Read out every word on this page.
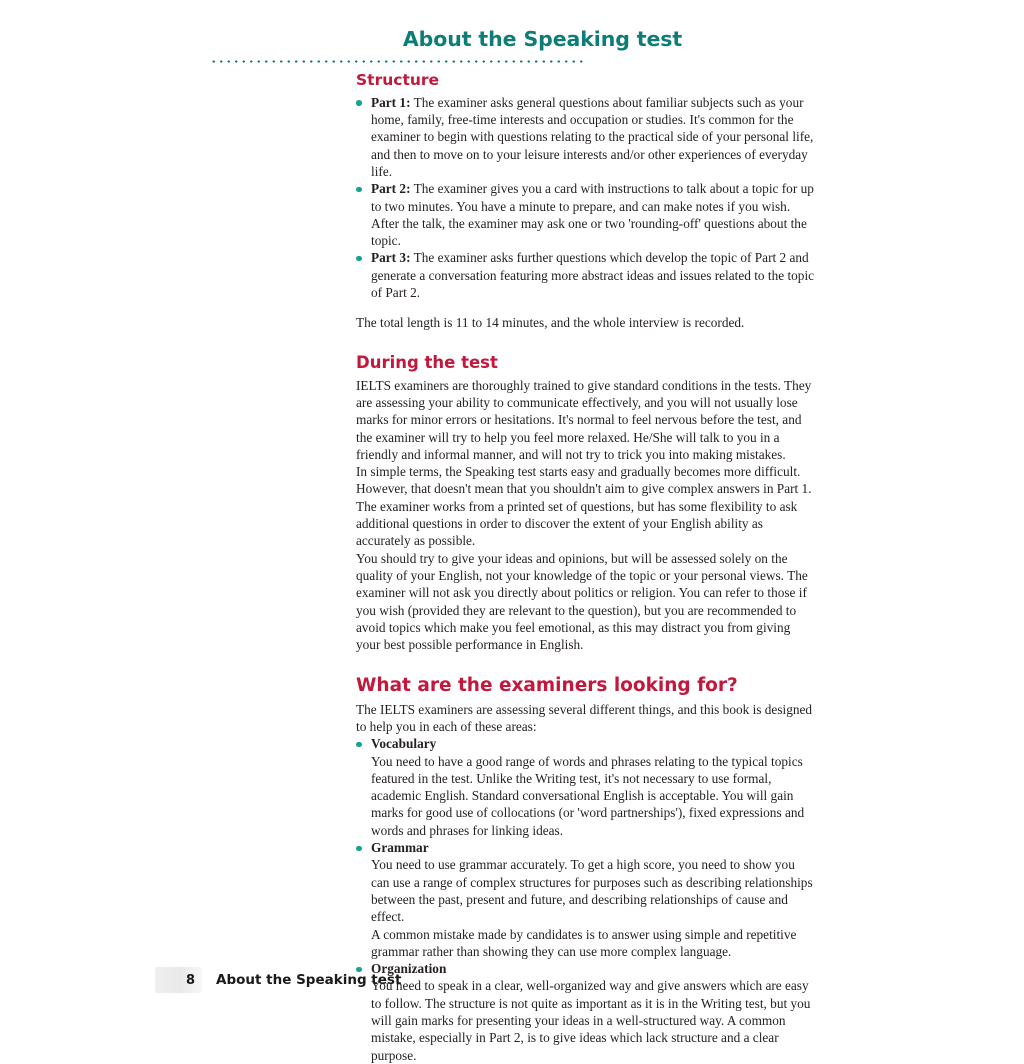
About the Speaking test
Structure
Part 1: The examiner asks general questions about familiar subjects such as your home, family, free-time interests and occupation or studies. It's common for the examiner to begin with questions relating to the practical side of your personal life, and then to move on to your leisure interests and/or other experiences of everyday life.
Part 2: The examiner gives you a card with instructions to talk about a topic for up to two minutes. You have a minute to prepare, and can make notes if you wish. After the talk, the examiner may ask one or two 'rounding-off' questions about the topic.
Part 3: The examiner asks further questions which develop the topic of Part 2 and generate a conversation featuring more abstract ideas and issues related to the topic of Part 2.

The total length is 11 to 14 minutes, and the whole interview is recorded.

During the test

IELTS examiners are thoroughly trained to give standard conditions in the tests. They are assessing your ability to communicate effectively, and you will not usually lose marks for minor errors or hesitations. It's normal to feel nervous before the test, and the examiner will try to help you feel more relaxed. He/She will talk to you in a friendly and informal manner, and will not try to trick you into making mistakes.

In simple terms, the Speaking test starts easy and gradually becomes more difficult. However, that doesn't mean that you shouldn't aim to give complex answers in Part 1. The examiner works from a printed set of questions, but has some flexibility to ask additional questions in order to discover the extent of your English ability as accurately as possible.

You should try to give your ideas and opinions, but will be assessed solely on the quality of your English, not your knowledge of the topic or your personal views. The examiner will not ask you directly about politics or religion. You can refer to those if you wish (provided they are relevant to the question), but you are recommended to avoid topics which make you feel emotional, as this may distract you from giving your best possible performance in English.

What are the examiners looking for?

The IELTS examiners are assessing several different things, and this book is designed to help you in each of these areas:

Vocabulary
You need to have a good range of words and phrases relating to the typical topics featured in the test. Unlike the Writing test, it's not necessary to use formal, academic English. Standard conversational English is acceptable. You will gain marks for good use of collocations (or 'word partnerships'), fixed expressions and words and phrases for linking ideas.
Grammar
You need to use grammar accurately. To get a high score, you need to show you can use a range of complex structures for purposes such as describing relationships between the past, present and future, and describing relationships of cause and effect.
A common mistake made by candidates is to answer using simple and repetitive grammar rather than showing they can use more complex language.
Organization
You need to speak in a clear, well-organized way and give answers which are easy to follow. The structure is not quite as important as it is in the Writing test, but you will gain marks for presenting your ideas in a well-structured way. A common mistake, especially in Part 2, is to give ideas which lack structure and a clear purpose.
8 About the Speaking test
